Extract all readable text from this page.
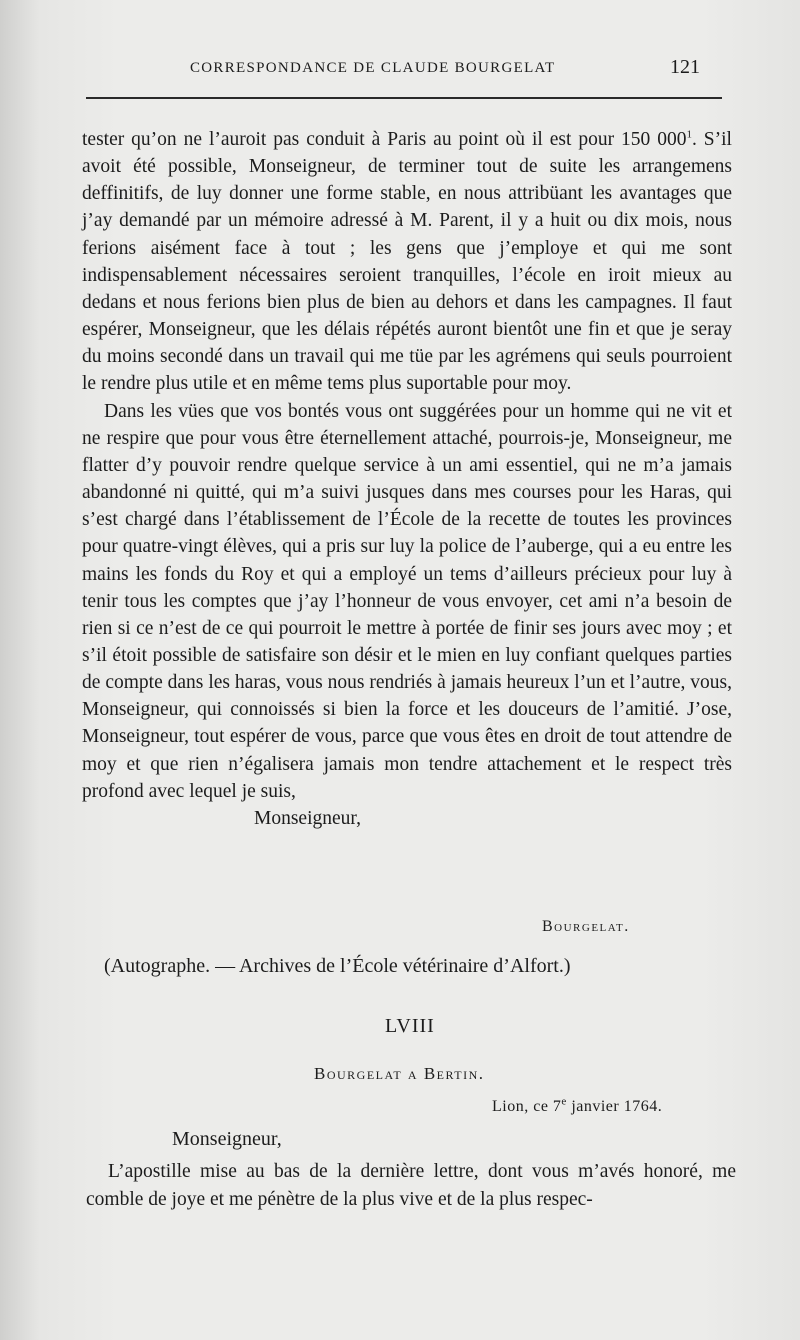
CORRESPONDANCE DE CLAUDE BOURGELAT	121

tester qu’on ne l’auroit pas conduit à Paris au point où il est pour 150 $000^1$. S’il avoit été possible, Monseigneur, de terminer tout de suite les arrangemens deffinitifs, de luy donner une forme stable, en nous attribüant les avantages que j’ay demandé par un mémoire adressé à M. Parent, il y a huit ou dix mois, nous ferions aisément face à tout ; les gens que j’employe et qui me sont indispensablement nécessaires seroient tranquilles, l’école en iroit mieux au dedans et nous ferions bien plus de bien au dehors et dans les campagnes. Il faut espérer, Monseigneur, que les délais répétés auront bientôt une fin et que je seray du moins secondé dans un travail qui me tüe par les agrémens qui seuls pourroient le rendre plus utile et en même tems plus suportable pour moy.

Dans les vües que vos bontés vous ont suggérées pour un homme qui ne vit et ne respire que pour vous être éternellement attaché, pourrois-je, Monseigneur, me flatter d’y pouvoir rendre quelque service à un ami essentiel, qui ne m’a jamais abandonné ni quitté, qui m’a suivi jusques dans mes courses pour les Haras, qui s’est chargé dans l’établissement de l’École de la recette de toutes les provinces pour quatre-vingt élèves, qui a pris sur luy la police de l’auberge, qui a eu entre les mains les fonds du Roy et qui a employé un tems d’ailleurs précieux pour luy à tenir tous les comptes que j’ay l’honneur de vous envoyer, cet ami n’a besoin de rien si ce n’est de ce qui pourroit le mettre à portée de finir ses jours avec moy ; et s’il étoit possible de satisfaire son désir et le mien en luy confiant quelques parties de compte dans les haras, vous nous rendriés à jamais heureux l’un et l’autre, vous, Monseigneur, qui connoissés si bien la force et les douceurs de l’amitié. J’ose, Monseigneur, tout espérer de vous, parce que vous êtes en droit de tout attendre de moy et que rien n’égalisera jamais mon tendre attachement et le respect très profond avec lequel je suis,

Monseigneur,

Bourgelat.
(Autographe. — Archives de l’École vétérinaire d’Alfort.)
LVIII
Bourgelat a Bertin.
Lion, ce 7e janvier 1764.
Monseigneur,

L’apostille mise au bas de la dernière lettre, dont vous m’avés honoré, me comble de joye et me pénètre de la plus vive et de la plus respec-
